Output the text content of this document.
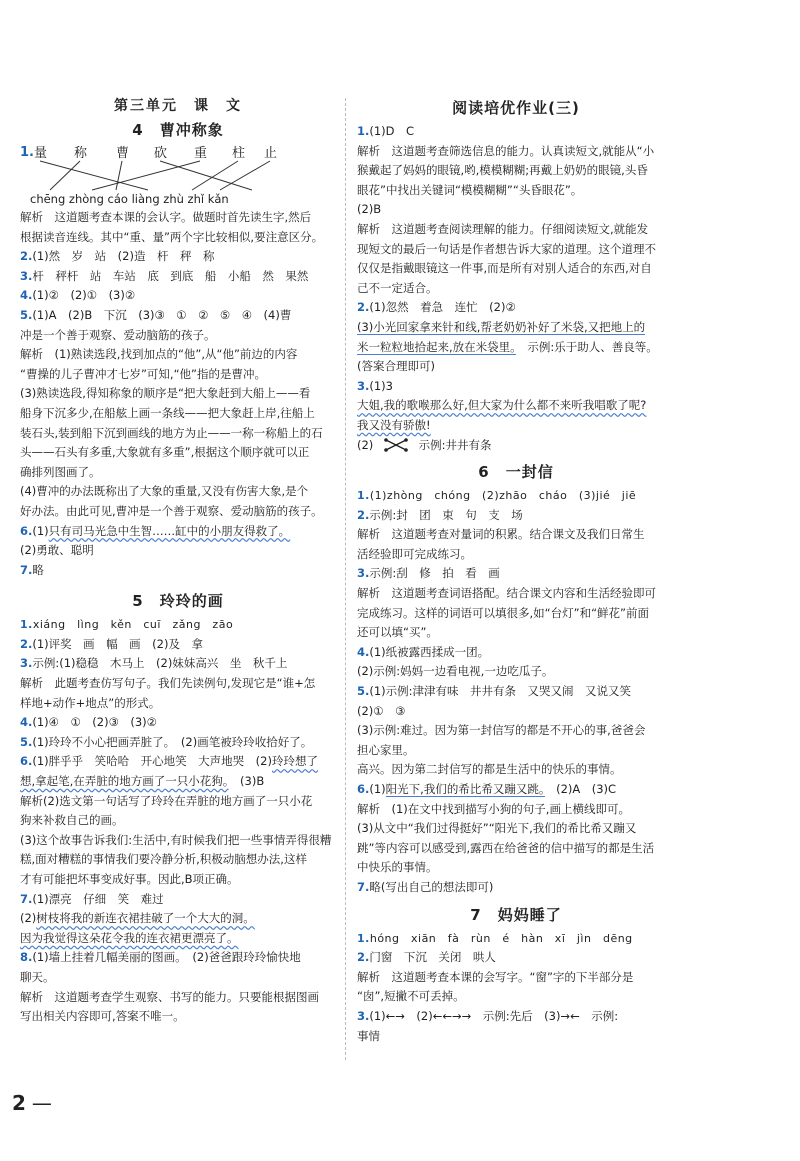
第三单元　课　文
4　曹冲称象
1. 量 称 曹 砍 重 柱 止
chēng zhòng cáo liàng zhù zhǐ kǎn

解析　这道题考查本课的会认字。做题时首先读生字,然后

根据读音连线。其中“重、量”两个字比较相似,要注意区分。

2.(1)然　岁　站　(2)造　杆　秤　称

3.杆　秤杆　站　车站　底　到底　船　小船　然　果然

4.(1)②　(2)①　(3)②

5.(1)A　(2)B　下沉　(3)③　①　②　⑤　④　(4)曹

冲是一个善于观察、爱动脑筋的孩子。

解析　(1)熟读选段,找到加点的“他”,从“他”前边的内容

“曹操的儿子曹冲才七岁”可知,“他”指的是曹冲。

(3)熟读选段,得知称象的顺序是“把大象赶到大船上——看

船身下沉多少,在船舷上画一条线——把大象赶上岸,往船上

装石头,装到船下沉到画线的地方为止——一称一称船上的石

头——石头有多重,大象就有多重”,根据这个顺序就可以正

确排列图画了。

(4)曹冲的办法既称出了大象的重量,又没有伤害大象,是个

好办法。由此可见,曹冲是一个善于观察、爱动脑筋的孩子。

6.(1)只有司马光急中生智……缸中的小朋友得救了。

(2)勇敢、聪明

7.略

5　玲玲的画

1.xiáng　lìng　kěn　cuī　zǎng　zāo

2.(1)评奖　画　幅　画　(2)及　拿

3.示例:(1)稳稳　木马上　(2)妹妹高兴　坐　秋千上

解析　此题考查仿写句子。我们先读例句,发现它是“谁+怎

样地+动作+地点”的形式。

4.(1)④　①　(2)③　(3)②

5.(1)玲玲不小心把画弄脏了。　(2)画笔被玲玲收拾好了。

6.(1)胖乎乎　笑哈哈　开心地笑　大声地哭　(2)玲玲想了

想,拿起笔,在弄脏的地方画了一只小花狗。　(3)B

解析(2)选文第一句话写了玲玲在弄脏的地方画了一只小花

狗来补救自己的画。

(3)这个故事告诉我们:生活中,有时候我们把一些事情弄得很糟

糕,面对糟糕的事情我们要冷静分析,积极动脑想办法,这样

才有可能把坏事变成好事。因此,B项正确。

7.(1)漂亮　仔细　笑　难过

(2)树枝将我的新连衣裙挂破了一个大大的洞。

因为我觉得这朵花令我的连衣裙更漂亮了。

8.(1)墙上挂着几幅美丽的图画。　(2)爸爸跟玲玲愉快地

聊天。

解析　这道题考查学生观察、书写的能力。只要能根据图画

写出相关内容即可,答案不唯一。

阅读培优作业(三)

1.(1)D　C

解析　这道题考查筛选信息的能力。认真读短文,就能从“小

猴戴起了妈妈的眼镜,哟,模模糊糊;再戴上奶奶的眼镜,头昏

眼花”中找出关键词“模模糊糊”“头昏眼花”。

(2)B

解析　这道题考查阅读理解的能力。仔细阅读短文,就能发

现短文的最后一句话是作者想告诉大家的道理。这个道理不

仅仅是指戴眼镜这一件事,而是所有对别人适合的东西,对自

己不一定适合。

2.(1)忽然　着急　连忙　(2)②

(3)小光回家拿来针和线,帮老奶奶补好了米袋,又把地上的

米一粒粒地拾起来,放在米袋里。　示例:乐于助人、善良等。

(答案合理即可)

3.(1)3

大姐,我的歌喉那么好,但大家为什么都不来听我唱歌了呢?

我又没有骄傲!

(2)	示例:井井有条

6　一封信

1.(1)zhòng　chóng　(2)zhāo　cháo　(3)jié　jiē

2.示例:封　团　束　句　支　场

解析　这道题考查对量词的积累。结合课文及我们日常生

活经验即可完成练习。

3.示例:刮　修　拍　看　画

解析　这道题考查词语搭配。结合课文内容和生活经验即可

完成练习。这样的词语可以填很多,如“台灯”和“鲜花”前面

还可以填“买”。

4.(1)纸被露西揉成一团。

(2)示例:妈妈一边看电视,一边吃瓜子。

5.(1)示例:津津有味　井井有条　又哭又闹　又说又笑

(2)①　③

(3)示例:难过。因为第一封信写的都是不开心的事,爸爸会

担心家里。

高兴。因为第二封信写的都是生活中的快乐的事情。

6.(1)阳光下,我们的希比希又蹦又跳。　(2)A　(3)C

解析　(1)在文中找到描写小狗的句子,画上横线即可。

(3)从文中“我们过得挺好”“阳光下,我们的希比希又蹦又

跳”等内容可以感受到,露西在给爸爸的信中描写的都是生活

中快乐的事情。

7.略(写出自己的想法即可)

7　妈妈睡了

1.hóng　xiān　fà　rùn　é　hàn　xī　jìn　dēng

2.门窗　下沉　关闭　哄人

解析　这道题考查本课的会写字。“窗”字的下半部分是

“囱”,短撇不可丢掉。

3.(1)←→　(2)←←→→　示例:先后　(3)→←　示例:

事情

2 —
